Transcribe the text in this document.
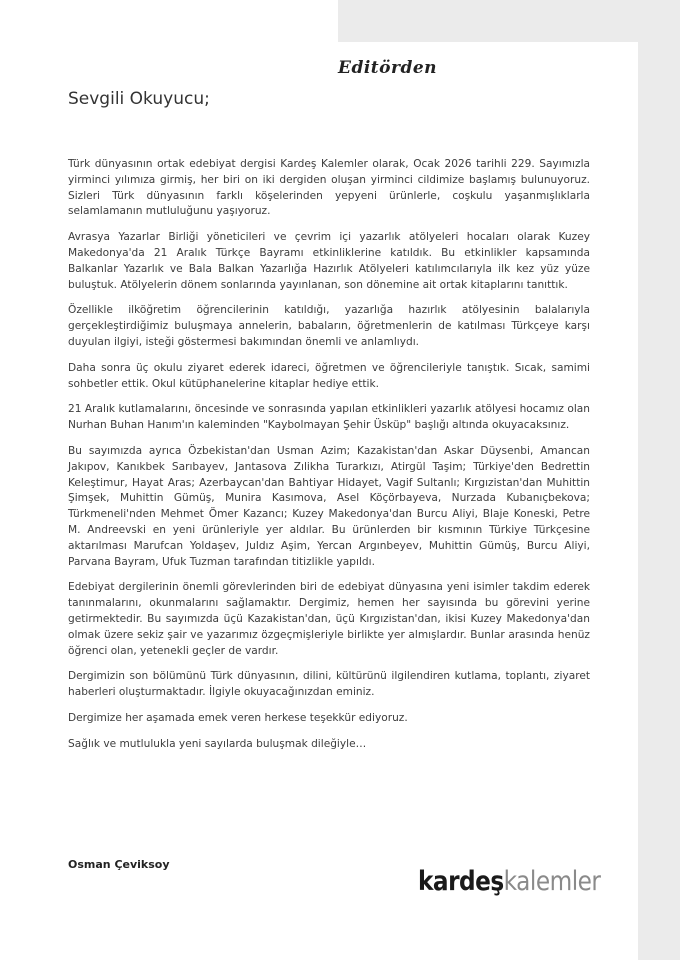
Editörden
Sevgili Okuyucu;

Türk dünyasının ortak edebiyat dergisi Kardeş Kalemler olarak, Ocak 2026 tarihli 229. Sayımızla yirminci yılımıza girmiş, her biri on iki dergiden oluşan yirminci cildimize başlamış bulunuyoruz. Sizleri Türk dünyasının farklı köşelerinden yepyeni ürünlerle, coşkulu yaşanmışlıklarla selamlamanın mutluluğunu yaşıyoruz.

Avrasya Yazarlar Birliği yöneticileri ve çevrim içi yazarlık atölyeleri hocaları olarak Kuzey Makedonya'da 21 Aralık Türkçe Bayramı etkinliklerine katıldık. Bu etkinlikler kapsamında Balkanlar Yazarlık ve Bala Balkan Yazarlığa Hazırlık Atölyeleri katılımcılarıyla ilk kez yüz yüze buluştuk. Atölyelerin dönem sonlarında yayınlanan, son dönemine ait ortak kitaplarını tanıttık.

Özellikle ilköğretim öğrencilerinin katıldığı, yazarlığa hazırlık atölyesinin balalarıyla gerçekleştirdiğimiz buluşmaya annelerin, babaların, öğretmenlerin de katılması Türkçeye karşı duyulan ilgiyi, isteği göstermesi bakımından önemli ve anlamlıydı.

Daha sonra üç okulu ziyaret ederek idareci, öğretmen ve öğrencileriyle tanıştık. Sıcak, samimi sohbetler ettik. Okul kütüphanelerine kitaplar hediye ettik.

21 Aralık kutlamalarını, öncesinde ve sonrasında yapılan etkinlikleri yazarlık atölyesi hocamız olan Nurhan Buhan Hanım'ın kaleminden "Kaybolmayan Şehir Üsküp" başlığı altında okuyacaksınız.

Bu sayımızda ayrıca Özbekistan'dan Usman Azim; Kazakistan'dan Askar Düysenbi, Amancan Jakıpov, Kanıkbek Sarıbayev, Jantasova Zılikha Turarkızı, Atirgül Taşim; Türkiye'den Bedrettin Keleştimur, Hayat Aras; Azerbaycan'dan Bahtiyar Hidayet, Vagif Sultanlı; Kırgızistan'dan Muhittin Şimşek, Muhittin Gümüş, Munira Kasımova, Asel Köçörbayeva, Nurzada Kubanıçbekova; Türkmeneli'nden Mehmet Ömer Kazancı; Kuzey Makedonya'dan Burcu Aliyi, Blaje Koneski, Petre M. Andreevski en yeni ürünleriyle yer aldılar. Bu ürünlerden bir kısmının Türkiye Türkçesine aktarılması Marufcan Yoldaşev, Juldız Aşim, Yercan Argınbeyev, Muhittin Gümüş, Burcu Aliyi, Parvana Bayram, Ufuk Tuzman tarafından titizlikle yapıldı.

Edebiyat dergilerinin önemli görevlerinden biri de edebiyat dünyasına yeni isimler takdim ederek tanınmalarını, okunmalarını sağlamaktır. Dergimiz, hemen her sayısında bu görevini yerine getirmektedir. Bu sayımızda üçü Kazakistan'dan, üçü Kırgızistan'dan, ikisi Kuzey Makedonya'dan olmak üzere sekiz şair ve yazarımız özgeçmişleriyle birlikte yer almışlardır. Bunlar arasında henüz öğrenci olan, yetenekli geçler de vardır.

Dergimizin son bölümünü Türk dünyasının, dilini, kültürünü ilgilendiren kutlama, toplantı, ziyaret haberleri oluşturmaktadır. İlgiyle okuyacağınızdan eminiz.

Dergimize her aşamada emek veren herkese teşekkür ediyoruz.

Sağlık ve mutlulukla yeni sayılarda buluşmak dileğiyle…

Osman Çeviksoy
kardeşkalemler
